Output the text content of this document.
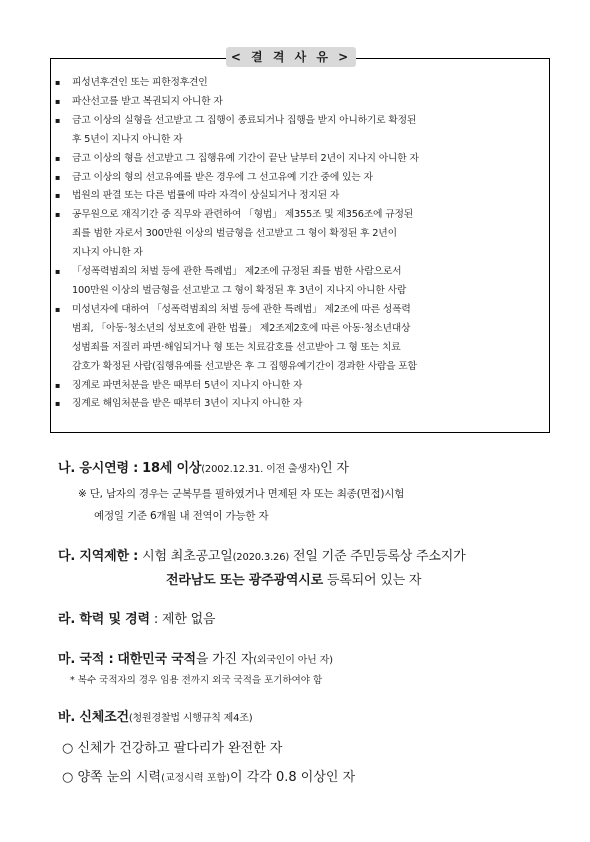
< 결 격 사 유 >
▪ 피성년후견인 또는 피한정후견인
▪ 파산선고를 받고 복권되지 아니한 자
▪ 금고 이상의 실형을 선고받고 그 집행이 종료되거나 집행을 받지 아니하기로 확정된
후 5년이 지나지 아니한 자
▪ 금고 이상의 형을 선고받고 그 집행유예 기간이 끝난 날부터 2년이 지나지 아니한 자
▪ 금고 이상의 형의 선고유예를 받은 경우에 그 선고유예 기간 중에 있는 자
▪ 법원의 판결 또는 다른 법률에 따라 자격이 상실되거나 정지된 자
▪ 공무원으로 재직기간 중 직무와 관련하여 「형법」 제355조 및 제356조에 규정된
죄를 범한 자로서 300만원 이상의 벌금형을 선고받고 그 형이 확정된 후 2년이
지나지 아니한 자
▪ 「성폭력범죄의 처벌 등에 관한 특례법」 제2조에 규정된 죄를 범한 사람으로서
100만원 이상의 벌금형을 선고받고 그 형이 확정된 후 3년이 지나지 아니한 사람
▪ 미성년자에 대하여 「성폭력범죄의 처벌 등에 관한 특례법」 제2조에 따른 성폭력
범죄, 「아동·청소년의 성보호에 관한 법률」 제2조제2호에 따른 아동·청소년대상
성범죄를 저질러 파면·해임되거나 형 또는 치료감호를 선고받아 그 형 또는 치료
감호가 확정된 사람(집행유예를 선고받은 후 그 집행유예기간이 경과한 사람을 포함
▪ 징계로 파면처분을 받은 때부터 5년이 지나지 아니한 자
▪ 징계로 해임처분을 받은 때부터 3년이 지나지 아니한 자
나. 응시연령 : 18세 이상(2002.12.31. 이전 출생자)인 자
※ 단, 남자의 경우는 군복무를 필하였거나 면제된 자 또는 최종(면접)시험
예정일 기준 6개월 내 전역이 가능한 자
다. 지역제한 : 시험 최초공고일(2020.3.26) 전일 기준 주민등록상 주소지가
전라남도 또는 광주광역시로 등록되어 있는 자
라. 학력 및 경력 : 제한 없음
마. 국적 : 대한민국 국적을 가진 자(외국인이 아닌 자)
* 복수 국적자의 경우 임용 전까지 외국 국적을 포기하여야 함
바. 신체조건(청원경찰법 시행규칙 제4조)
○ 신체가 건강하고 팔다리가 완전한 자
○ 양쪽 눈의 시력(교정시력 포함)이 각각 0.8 이상인 자
